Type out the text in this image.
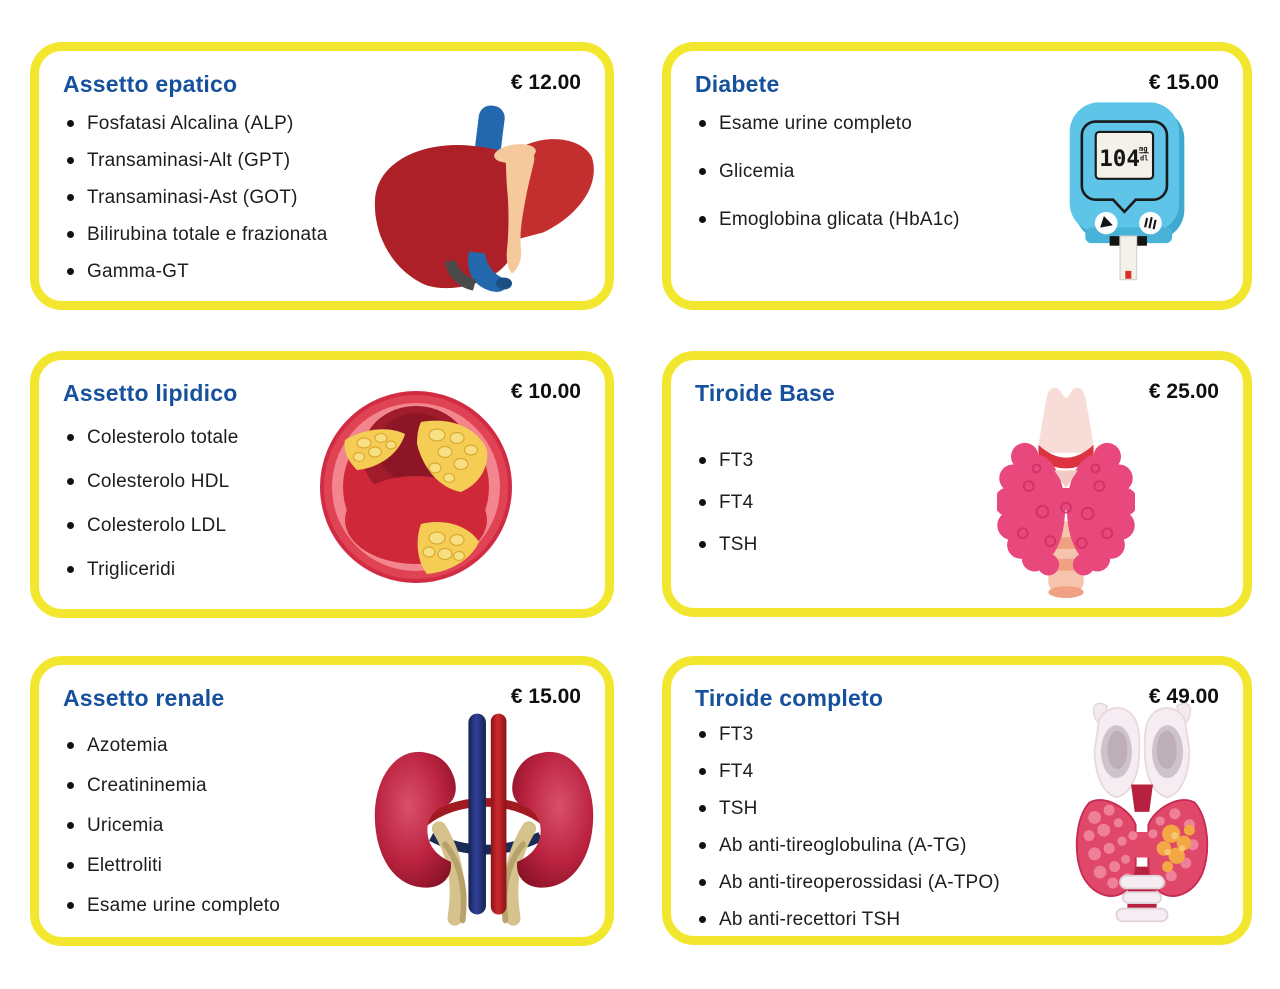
Assetto epatico	€ 12.00
Fosfatasi Alcalina (ALP)
Transaminasi-Alt (GPT)
Transaminasi-Ast (GOT)
Bilirubina totale e frazionata
Gamma-GT
Diabete	€ 15.00
Esame urine completo
Glicemia
Emoglobina glicata (HbA1c)
104 mg
dl
Assetto lipidico	€ 10.00
Colesterolo totale
Colesterolo HDL
Colesterolo LDL
Trigliceridi
Tiroide Base	€ 25.00
FT3
FT4
TSH
Assetto renale	€ 15.00
Azotemia
Creatininemia
Uricemia
Elettroliti
Esame urine completo
Tiroide completo	€ 49.00
FT3
FT4
TSH
Ab anti-tireoglobulina (A-TG)
Ab anti-tireoperossidasi (A-TPO)
Ab anti-recettori TSH
